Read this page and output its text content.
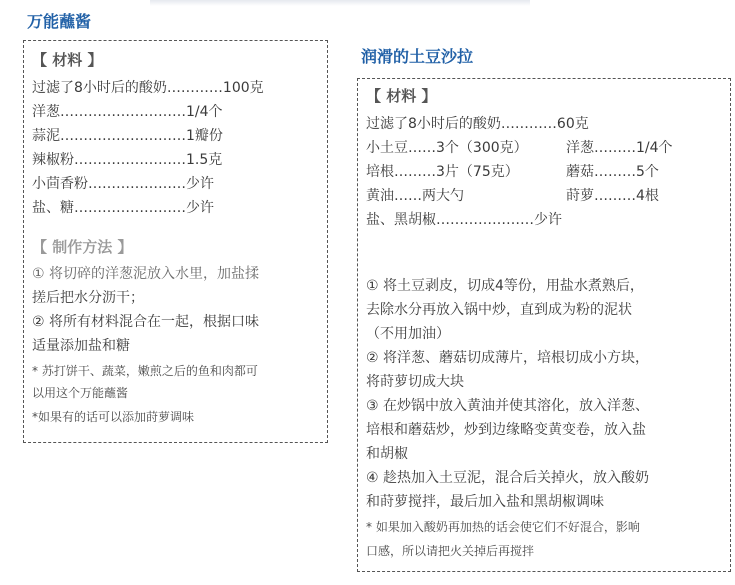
万能蘸酱
【 材料 】
过滤了8小时后的酸奶…………100克
洋葱………………………1/4个
蒜泥………………………1瓣份
辣椒粉……………………1.5克
小茴香粉…………………少许
盐、糖……………………少许
【 制作方法 】
① 将切碎的洋葱泥放入水里，加盐揉
搓后把水分沥干；
② 将所有材料混合在一起，根据口味
适量添加盐和糖
* 苏打饼干、蔬菜，嫩煎之后的鱼和肉都可
以用这个万能蘸酱
*如果有的话可以添加莳萝调味
润滑的土豆沙拉
【 材料 】
过滤了8小时后的酸奶…………60克
小土豆……3个（300克）	洋葱………1/4个
培根………3片（75克）	蘑菇………5个
黄油……两大勺	莳萝………4根
盐、黑胡椒…………………少许
① 将土豆剥皮，切成4等份，用盐水煮熟后，
去除水分再放入锅中炒，直到成为粉的泥状
（不用加油）
② 将洋葱、蘑菇切成薄片，培根切成小方块，
将莳萝切成大块
③ 在炒锅中放入黄油并使其溶化，放入洋葱、
培根和蘑菇炒，炒到边缘略变黄变卷，放入盐
和胡椒
④ 趁热加入土豆泥，混合后关掉火，放入酸奶
和莳萝搅拌，最后加入盐和黑胡椒调味
* 如果加入酸奶再加热的话会使它们不好混合，影响
口感，所以请把火关掉后再搅拌
